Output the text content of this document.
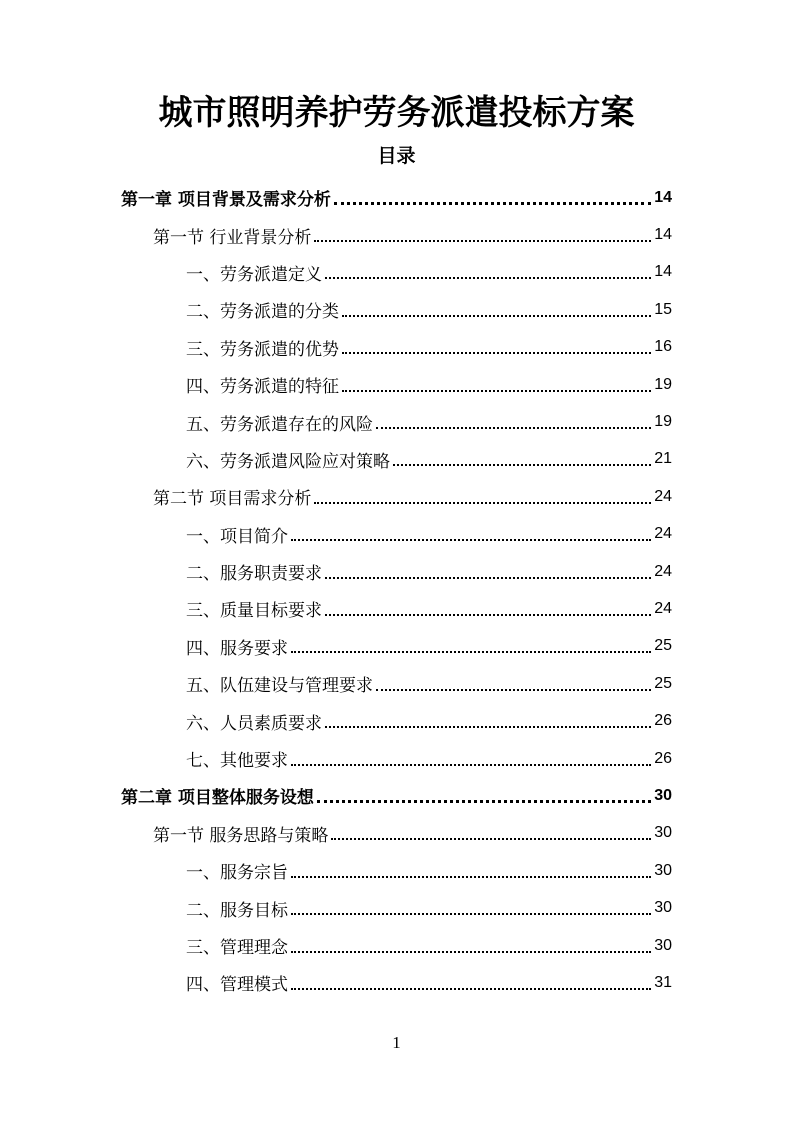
城市照明养护劳务派遣投标方案
目录
第一章 项目背景及需求分析	14
第一节 行业背景分析	14
一、劳务派遣定义	14
二、劳务派遣的分类	15
三、劳务派遣的优势	16
四、劳务派遣的特征	19
五、劳务派遣存在的风险	19
六、劳务派遣风险应对策略	21
第二节 项目需求分析	24
一、项目简介	24
二、服务职责要求	24
三、质量目标要求	24
四、服务要求	25
五、队伍建设与管理要求	25
六、人员素质要求	26
七、其他要求	26
第二章 项目整体服务设想	30
第一节 服务思路与策略	30
一、服务宗旨	30
二、服务目标	30
三、管理理念	30
四、管理模式	31
1
